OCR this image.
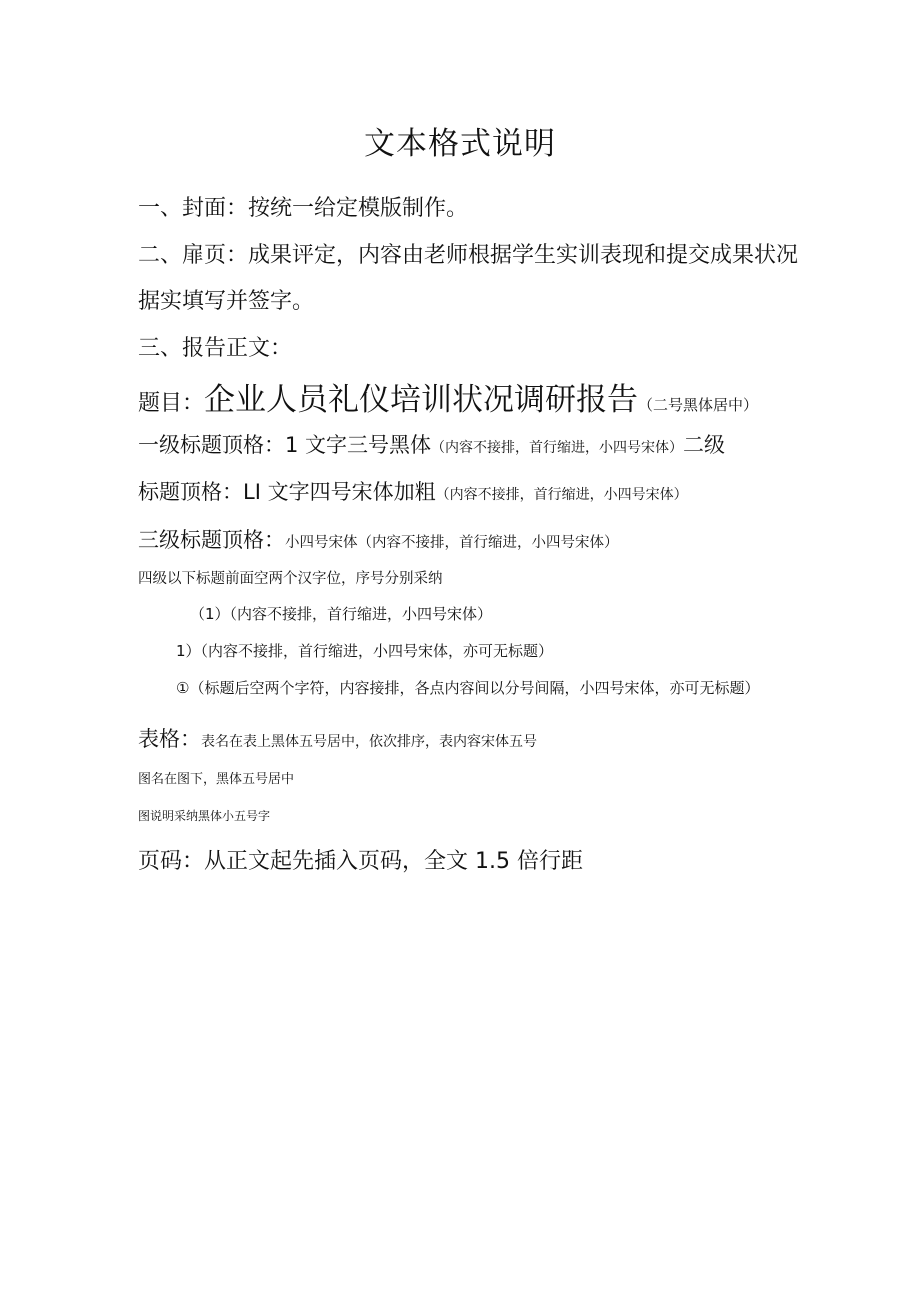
文本格式说明
一、封面：按统一给定模版制作。
二、扉页：成果评定，内容由老师根据学生实训表现和提交成果状况
据实填写并签字。
三、报告正文：
题目：企业人员礼仪培训状况调研报告（二号黑体居中）
一级标题顶格：1 文字三号黑体（内容不接排，首行缩进，小四号宋体）二级
标题顶格：LI 文字四号宋体加粗（内容不接排，首行缩进，小四号宋体）
三级标题顶格：小四号宋体（内容不接排，首行缩进，小四号宋体）
四级以下标题前面空两个汉字位，序号分别采纳
（1）（内容不接排，首行缩进，小四号宋体）
1）（内容不接排，首行缩进，小四号宋体，亦可无标题）
①（标题后空两个字符，内容接排，各点内容间以分号间隔，小四号宋体，亦可无标题）
表格：表名在表上黑体五号居中，依次排序，表内容宋体五号
图名在图下，黑体五号居中
图说明采纳黑体小五号字
页码：从正文起先插入页码，全文 1.5 倍行距
